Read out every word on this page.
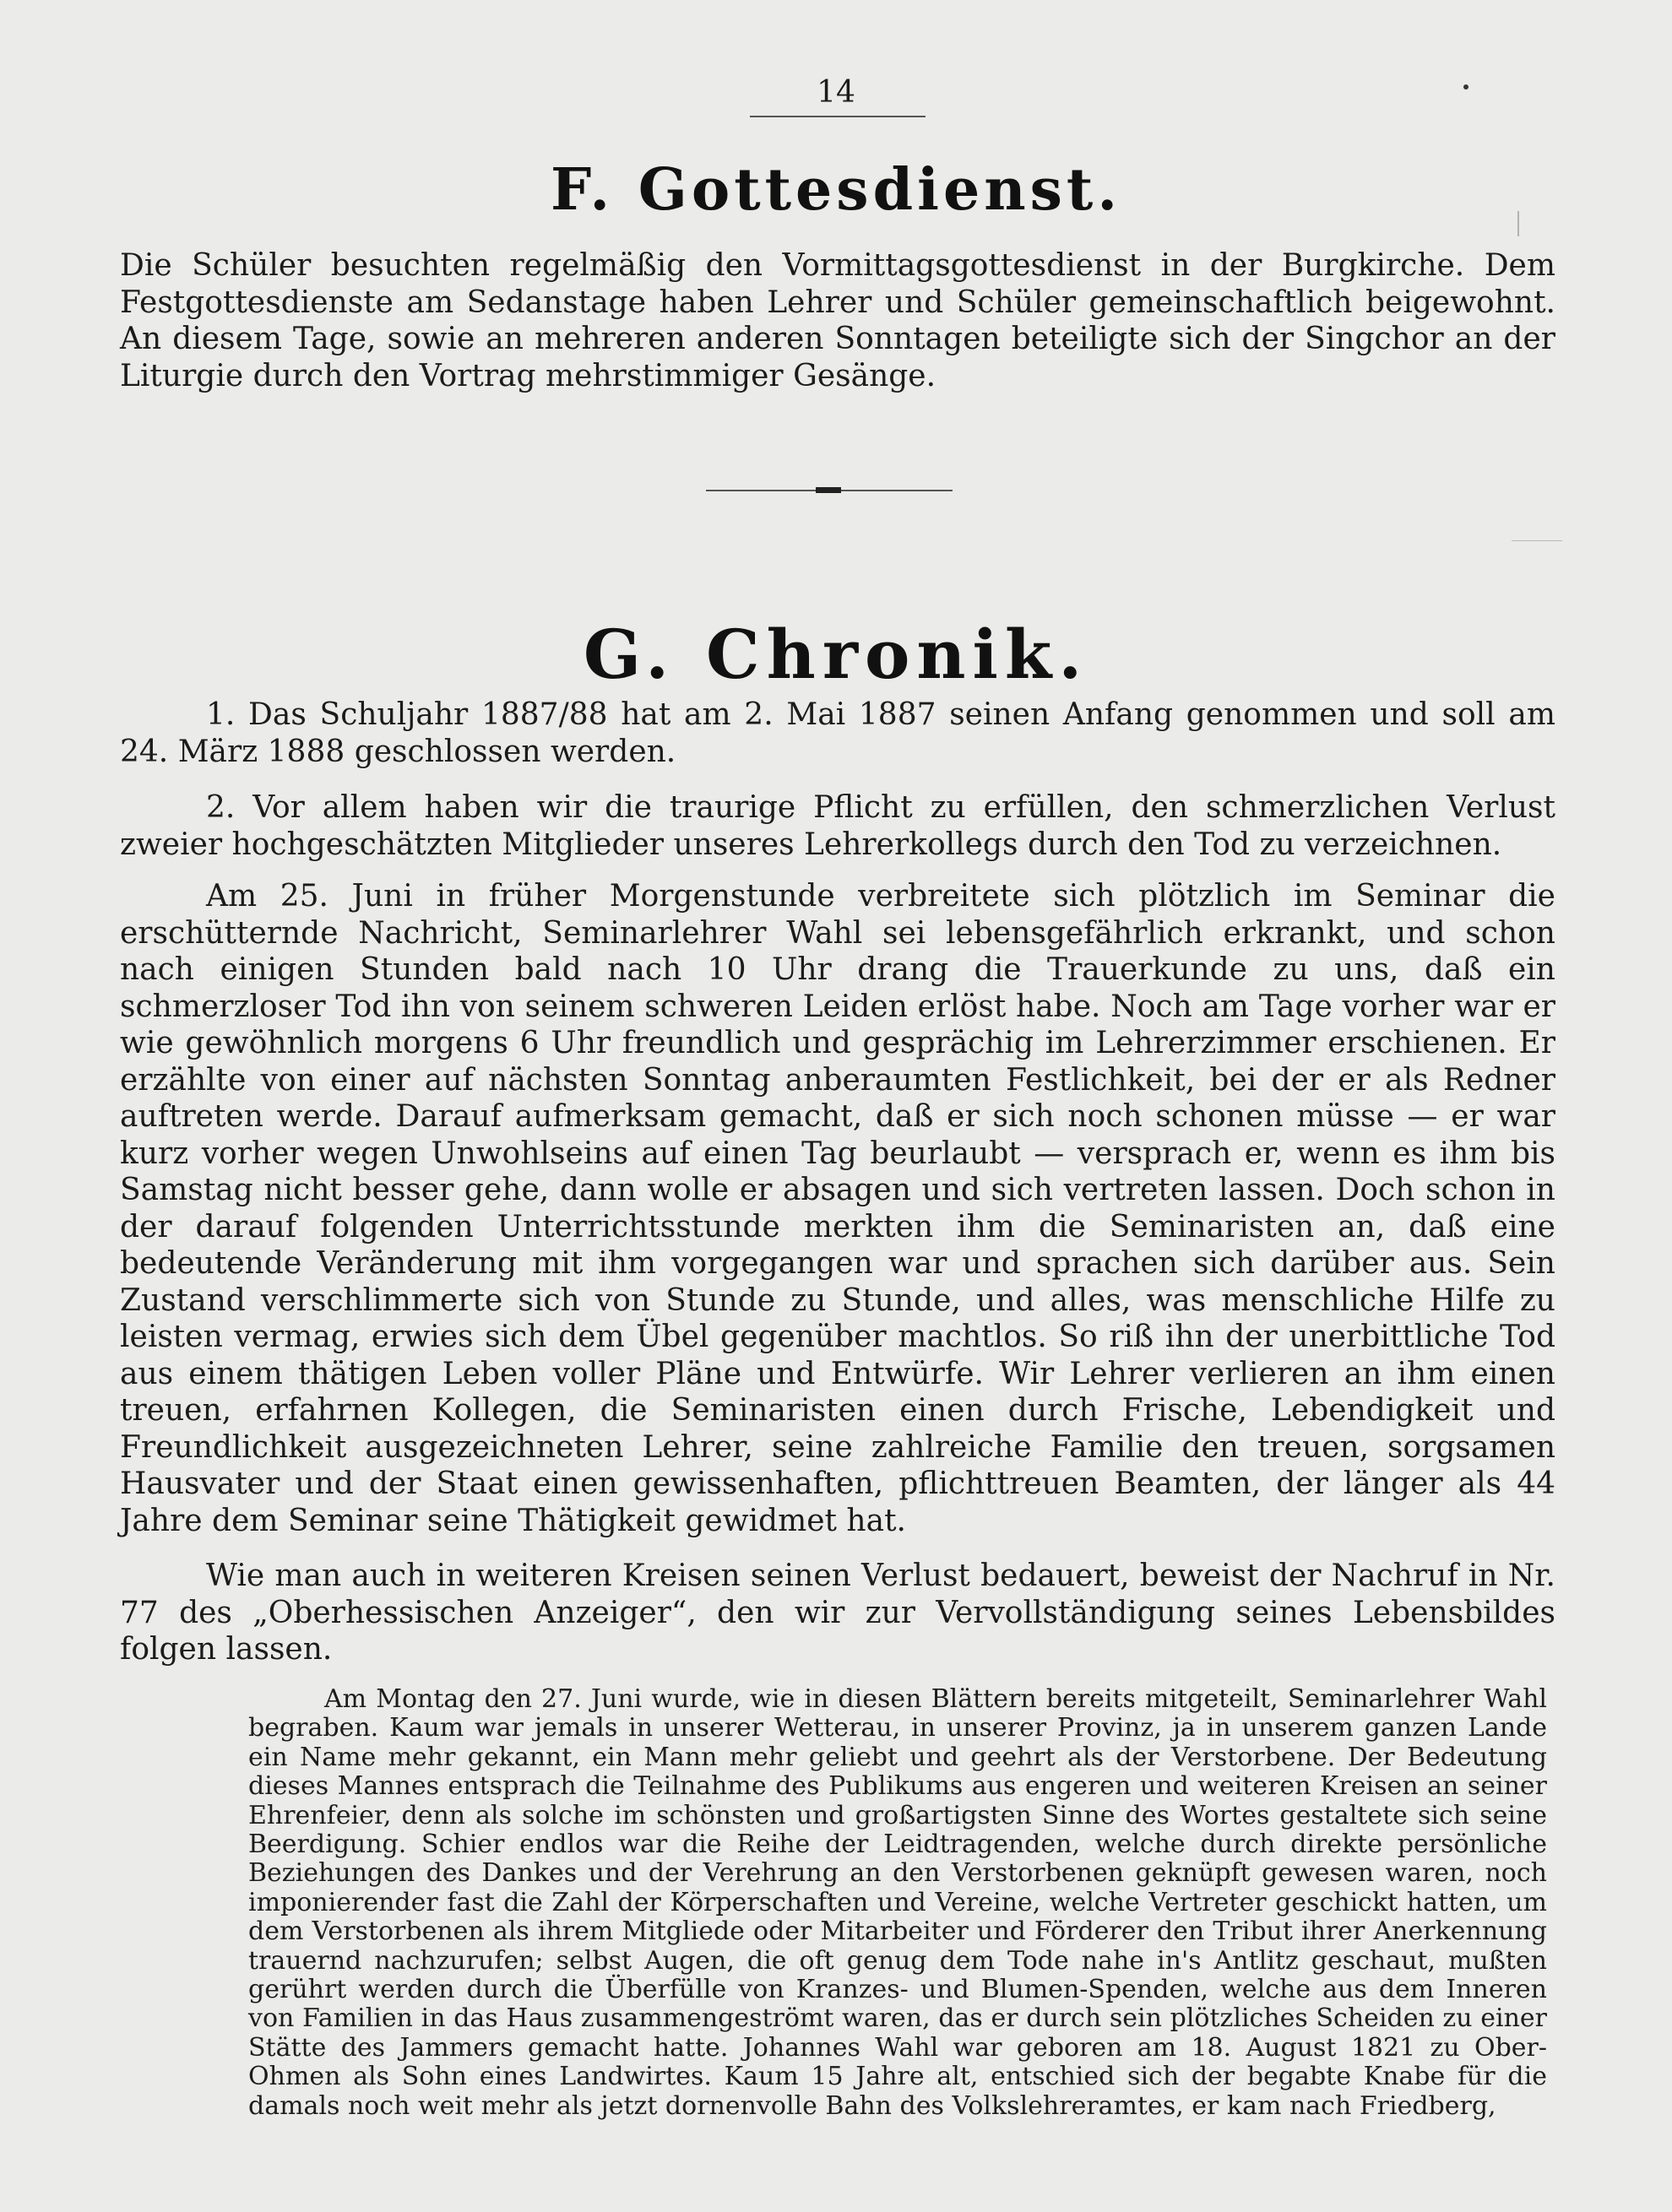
14
F. Gottesdienst.

Die Schüler besuchten regelmäßig den Vormittagsgottesdienst in der Burgkirche. Dem Festgottesdienste am Sedanstage haben Lehrer und Schüler gemeinschaftlich beigewohnt. An diesem Tage, sowie an mehreren anderen Sonntagen beteiligte sich der Singchor an der Liturgie durch den Vortrag mehrstimmiger Gesänge.

G. Chronik.

1. Das Schuljahr 1887/88 hat am 2. Mai 1887 seinen Anfang genommen und soll am 24. März 1888 geschlossen werden.

2. Vor allem haben wir die traurige Pflicht zu erfüllen, den schmerzlichen Verlust zweier hochgeschätzten Mitglieder unseres Lehrerkollegs durch den Tod zu verzeichnen.

Am 25. Juni in früher Morgenstunde verbreitete sich plötzlich im Seminar die erschütternde Nachricht, Seminarlehrer Wahl sei lebensgefährlich erkrankt, und schon nach einigen Stunden bald nach 10 Uhr drang die Trauerkunde zu uns, daß ein schmerzloser Tod ihn von seinem schweren Leiden erlöst habe. Noch am Tage vorher war er wie gewöhnlich morgens 6 Uhr freundlich und gesprächig im Lehrerzimmer erschienen. Er erzählte von einer auf nächsten Sonntag anberaumten Festlichkeit, bei der er als Redner auftreten werde. Darauf aufmerksam gemacht, daß er sich noch schonen müsse — er war kurz vorher wegen Unwohlseins auf einen Tag beurlaubt — versprach er, wenn es ihm bis Samstag nicht besser gehe, dann wolle er absagen und sich vertreten lassen. Doch schon in der darauf folgenden Unterrichtsstunde merkten ihm die Seminaristen an, daß eine bedeutende Veränderung mit ihm vorgegangen war und sprachen sich darüber aus. Sein Zustand verschlimmerte sich von Stunde zu Stunde, und alles, was menschliche Hilfe zu leisten vermag, erwies sich dem Übel gegenüber machtlos. So riß ihn der unerbittliche Tod aus einem thätigen Leben voller Pläne und Entwürfe. Wir Lehrer verlieren an ihm einen treuen, erfahrnen Kollegen, die Seminaristen einen durch Frische, Lebendigkeit und Freundlichkeit ausgezeichneten Lehrer, seine zahlreiche Familie den treuen, sorgsamen Hausvater und der Staat einen gewissenhaften, pflichttreuen Beamten, der länger als 44 Jahre dem Seminar seine Thätigkeit gewidmet hat.

Wie man auch in weiteren Kreisen seinen Verlust bedauert, beweist der Nachruf in Nr. 77 des „Oberhessischen Anzeiger“, den wir zur Vervollständigung seines Lebensbildes folgen lassen.

Am Montag den 27. Juni wurde, wie in diesen Blättern bereits mitgeteilt, Seminarlehrer Wahl begraben. Kaum war jemals in unserer Wetterau, in unserer Provinz, ja in unserem ganzen Lande ein Name mehr gekannt, ein Mann mehr geliebt und geehrt als der Verstorbene. Der Bedeutung dieses Mannes entsprach die Teilnahme des Publikums aus engeren und weiteren Kreisen an seiner Ehrenfeier, denn als solche im schönsten und großartigsten Sinne des Wortes gestaltete sich seine Beerdigung. Schier endlos war die Reihe der Leidtragenden, welche durch direkte persönliche Beziehungen des Dankes und der Verehrung an den Verstorbenen geknüpft gewesen waren, noch imponierender fast die Zahl der Körperschaften und Vereine, welche Vertreter geschickt hatten, um dem Verstorbenen als ihrem Mitgliede oder Mitarbeiter und Förderer den Tribut ihrer Anerkennung trauernd nachzurufen; selbst Augen, die oft genug dem Tode nahe in's Antlitz geschaut, mußten gerührt werden durch die Überfülle von Kranzes- und Blumen-Spenden, welche aus dem Inneren von Familien in das Haus zusammengeströmt waren, das er durch sein plötzliches Scheiden zu einer Stätte des Jammers gemacht hatte. Johannes Wahl war geboren am 18. August 1821 zu Ober-Ohmen als Sohn eines Landwirtes. Kaum 15 Jahre alt, entschied sich der begabte Knabe für die damals noch weit mehr als jetzt dornenvolle Bahn des Volkslehreramtes, er kam nach Friedberg,
